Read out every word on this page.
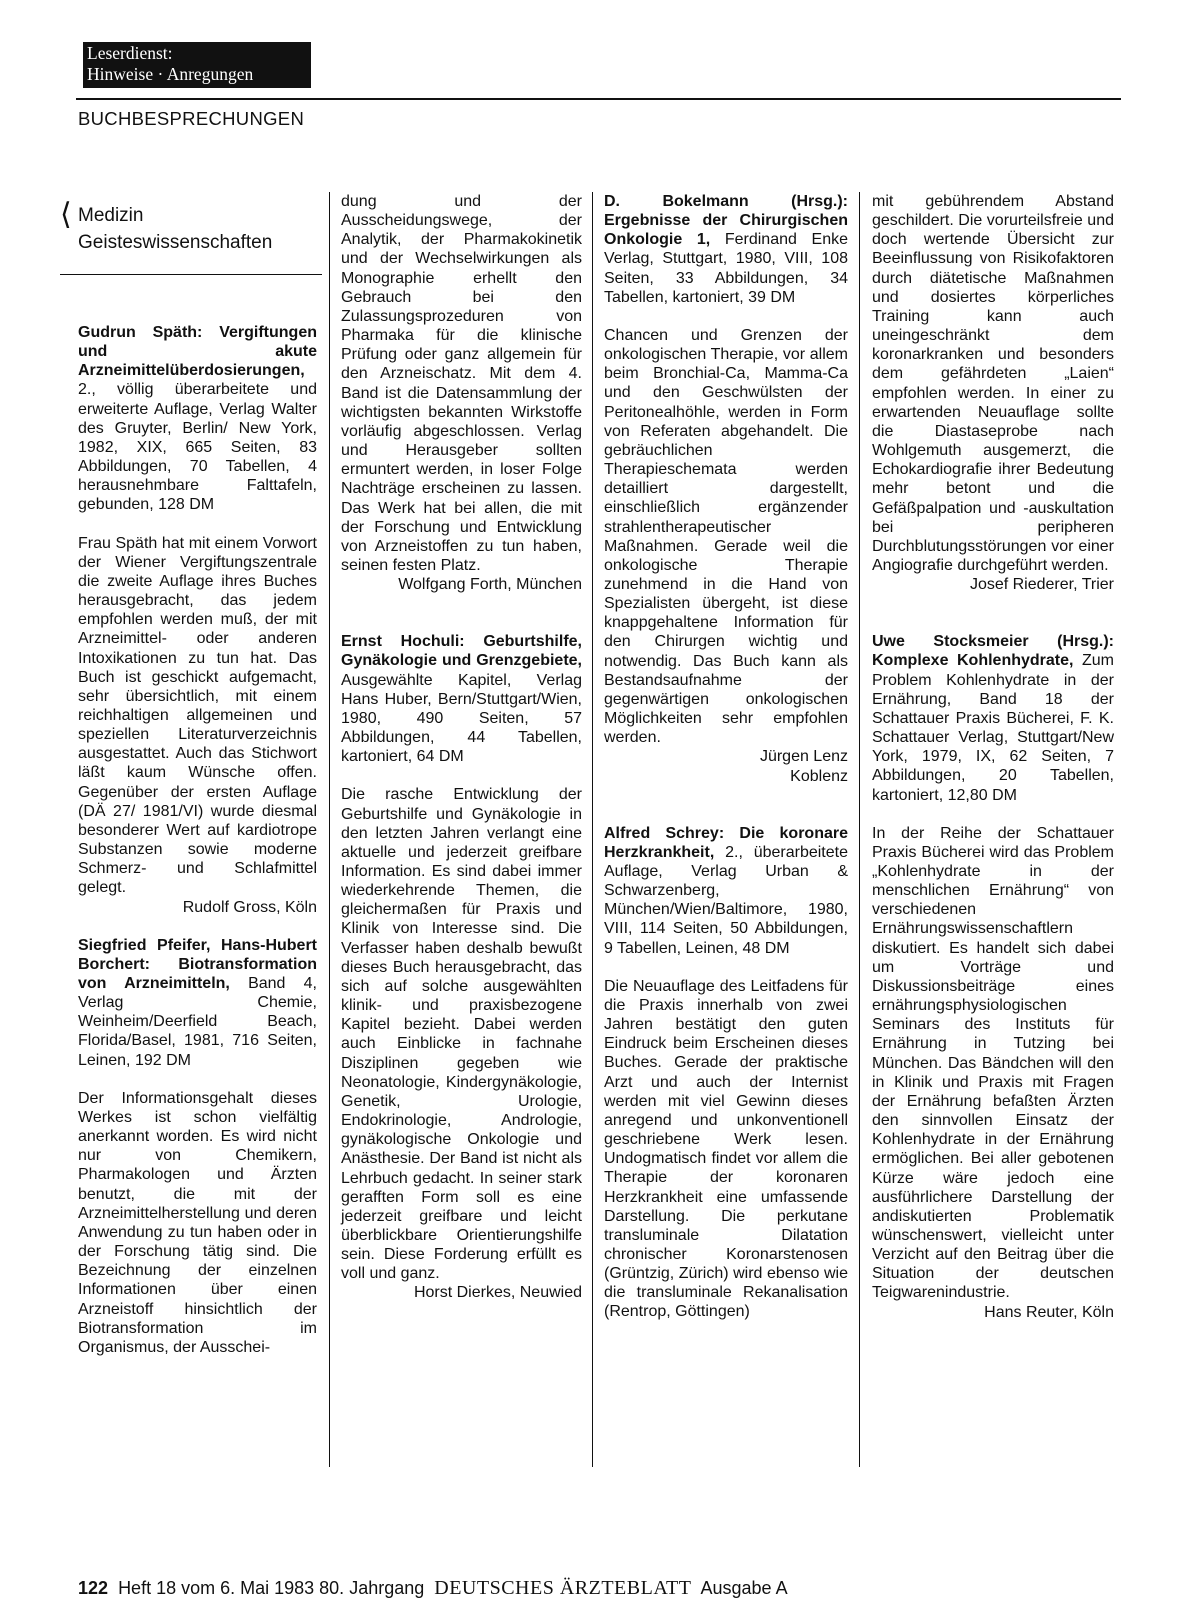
Leserdienst:
Hinweise · Anregungen
BUCHBESPRECHUNGEN
⟨ Medizin
Geisteswissenschaften

Gudrun Späth: Vergiftungen und akute Arzneimittelüberdosierungen, 2., völlig überarbeitete und erweiterte Auflage, Verlag Walter des Gruyter, Berlin/ New York, 1982, XIX, 665 Seiten, 83 Abbildungen, 70 Tabellen, 4 herausnehmbare Falttafeln, gebunden, 128 DM

Frau Späth hat mit einem Vorwort der Wiener Vergiftungszentrale die zweite Auflage ihres Buches herausgebracht, das jedem empfohlen werden muß, der mit Arzneimittel- oder anderen Intoxikationen zu tun hat. Das Buch ist geschickt aufgemacht, sehr übersichtlich, mit einem reichhaltigen allgemeinen und speziellen Literaturverzeichnis ausgestattet. Auch das Stichwort läßt kaum Wünsche offen. Gegenüber der ersten Auflage (DÄ 27/ 1981/VI) wurde diesmal besonderer Wert auf kardiotrope Substanzen sowie moderne Schmerz- und Schlafmittel gelegt.

Rudolf Gross, Köln

Siegfried Pfeifer, Hans-Hubert Borchert: Biotransformation von Arzneimitteln, Band 4, Verlag Chemie, Weinheim/Deerfield Beach, Florida/Basel, 1981, 716 Seiten, Leinen, 192 DM

Der Informationsgehalt dieses Werkes ist schon vielfältig anerkannt worden. Es wird nicht nur von Chemikern, Pharmakologen und Ärzten benutzt, die mit der Arzneimittelherstellung und deren Anwendung zu tun haben oder in der Forschung tätig sind. Die Bezeichnung der einzelnen Informationen über einen Arzneistoff hinsichtlich der Biotransformation im Organismus, der Ausschei-

dung und der Ausscheidungswege, der Analytik, der Pharmakokinetik und der Wechselwirkungen als Monographie erhellt den Gebrauch bei den Zulassungsprozeduren von Pharmaka für die klinische Prüfung oder ganz allgemein für den Arzneischatz. Mit dem 4. Band ist die Datensammlung der wichtigsten bekannten Wirkstoffe vorläufig abgeschlossen. Verlag und Herausgeber sollten ermuntert werden, in loser Folge Nachträge erscheinen zu lassen. Das Werk hat bei allen, die mit der Forschung und Entwicklung von Arzneistoffen zu tun haben, seinen festen Platz.

Wolfgang Forth, München

Ernst Hochuli: Geburtshilfe, Gynäkologie und Grenzgebiete, Ausgewählte Kapitel, Verlag Hans Huber, Bern/Stuttgart/Wien, 1980, 490 Seiten, 57 Abbildungen, 44 Tabellen, kartoniert, 64 DM

Die rasche Entwicklung der Geburtshilfe und Gynäkologie in den letzten Jahren verlangt eine aktuelle und jederzeit greifbare Information. Es sind dabei immer wiederkehrende Themen, die gleichermaßen für Praxis und Klinik von Interesse sind. Die Verfasser haben deshalb bewußt dieses Buch herausgebracht, das sich auf solche ausgewählten klinik- und praxisbezogene Kapitel bezieht. Dabei werden auch Einblicke in fachnahe Disziplinen gegeben wie Neonatologie, Kindergynäkologie, Genetik, Urologie, Endokrinologie, Andrologie, gynäkologische Onkologie und Anästhesie. Der Band ist nicht als Lehrbuch gedacht. In seiner stark gerafften Form soll es eine jederzeit greifbare und leicht überblickbare Orientierungshilfe sein. Diese Forderung erfüllt es voll und ganz.

Horst Dierkes, Neuwied

D. Bokelmann (Hrsg.): Ergebnisse der Chirurgischen Onkologie 1, Ferdinand Enke Verlag, Stuttgart, 1980, VIII, 108 Seiten, 33 Abbildungen, 34 Tabellen, kartoniert, 39 DM

Chancen und Grenzen der onkologischen Therapie, vor allem beim Bronchial-Ca, Mamma-Ca und den Geschwülsten der Peritonealhöhle, werden in Form von Referaten abgehandelt. Die gebräuchlichen Therapieschemata werden detailliert dargestellt, einschließlich ergänzender strahlentherapeutischer Maßnahmen. Gerade weil die onkologische Therapie zunehmend in die Hand von Spezialisten übergeht, ist diese knappgehaltene Information für den Chirurgen wichtig und notwendig. Das Buch kann als Bestandsaufnahme der gegenwärtigen onkologischen Möglichkeiten sehr empfohlen werden.

Jürgen Lenz
Koblenz

Alfred Schrey: Die koronare Herzkrankheit, 2., überarbeitete Auflage, Verlag Urban & Schwarzenberg, München/Wien/Baltimore, 1980, VIII, 114 Seiten, 50 Abbildungen, 9 Tabellen, Leinen, 48 DM

Die Neuauflage des Leitfadens für die Praxis innerhalb von zwei Jahren bestätigt den guten Eindruck beim Erscheinen dieses Buches. Gerade der praktische Arzt und auch der Internist werden mit viel Gewinn dieses anregend und unkonventionell geschriebene Werk lesen. Undogmatisch findet vor allem die Therapie der koronaren Herzkrankheit eine umfassende Darstellung. Die perkutane transluminale Dilatation chronischer Koronarstenosen (Grüntzig, Zürich) wird ebenso wie die transluminale Rekanalisation (Rentrop, Göttingen)

mit gebührendem Abstand geschildert. Die vorurteilsfreie und doch wertende Übersicht zur Beeinflussung von Risikofaktoren durch diätetische Maßnahmen und dosiertes körperliches Training kann auch uneingeschränkt dem koronarkranken und besonders dem gefährdeten „Laien“ empfohlen werden. In einer zu erwartenden Neuauflage sollte die Diastaseprobe nach Wohlgemuth ausgemerzt, die Echokardiografie ihrer Bedeutung mehr betont und die Gefäßpalpation und -auskultation bei peripheren Durchblutungsstörungen vor einer Angiografie durchgeführt werden.

Josef Riederer, Trier

Uwe Stocksmeier (Hrsg.): Komplexe Kohlenhydrate, Zum Problem Kohlenhydrate in der Ernährung, Band 18 der Schattauer Praxis Bücherei, F. K. Schattauer Verlag, Stuttgart/New York, 1979, IX, 62 Seiten, 7 Abbildungen, 20 Tabellen, kartoniert, 12,80 DM

In der Reihe der Schattauer Praxis Bücherei wird das Problem „Kohlenhydrate in der menschlichen Ernährung“ von verschiedenen Ernährungswissenschaftlern diskutiert. Es handelt sich dabei um Vorträge und Diskussionsbeiträge eines ernährungsphysiologischen Seminars des Instituts für Ernährung in Tutzing bei München. Das Bändchen will den in Klinik und Praxis mit Fragen der Ernährung befaßten Ärzten den sinnvollen Einsatz der Kohlenhydrate in der Ernährung ermöglichen. Bei aller gebotenen Kürze wäre jedoch eine ausführlichere Darstellung der andiskutierten Problematik wünschenswert, vielleicht unter Verzicht auf den Beitrag über die Situation der deutschen Teigwarenindustrie.

Hans Reuter, Köln
122 Heft 18 vom 6. Mai 1983 80. Jahrgang DEUTSCHES ÄRZTEBLATT Ausgabe A
